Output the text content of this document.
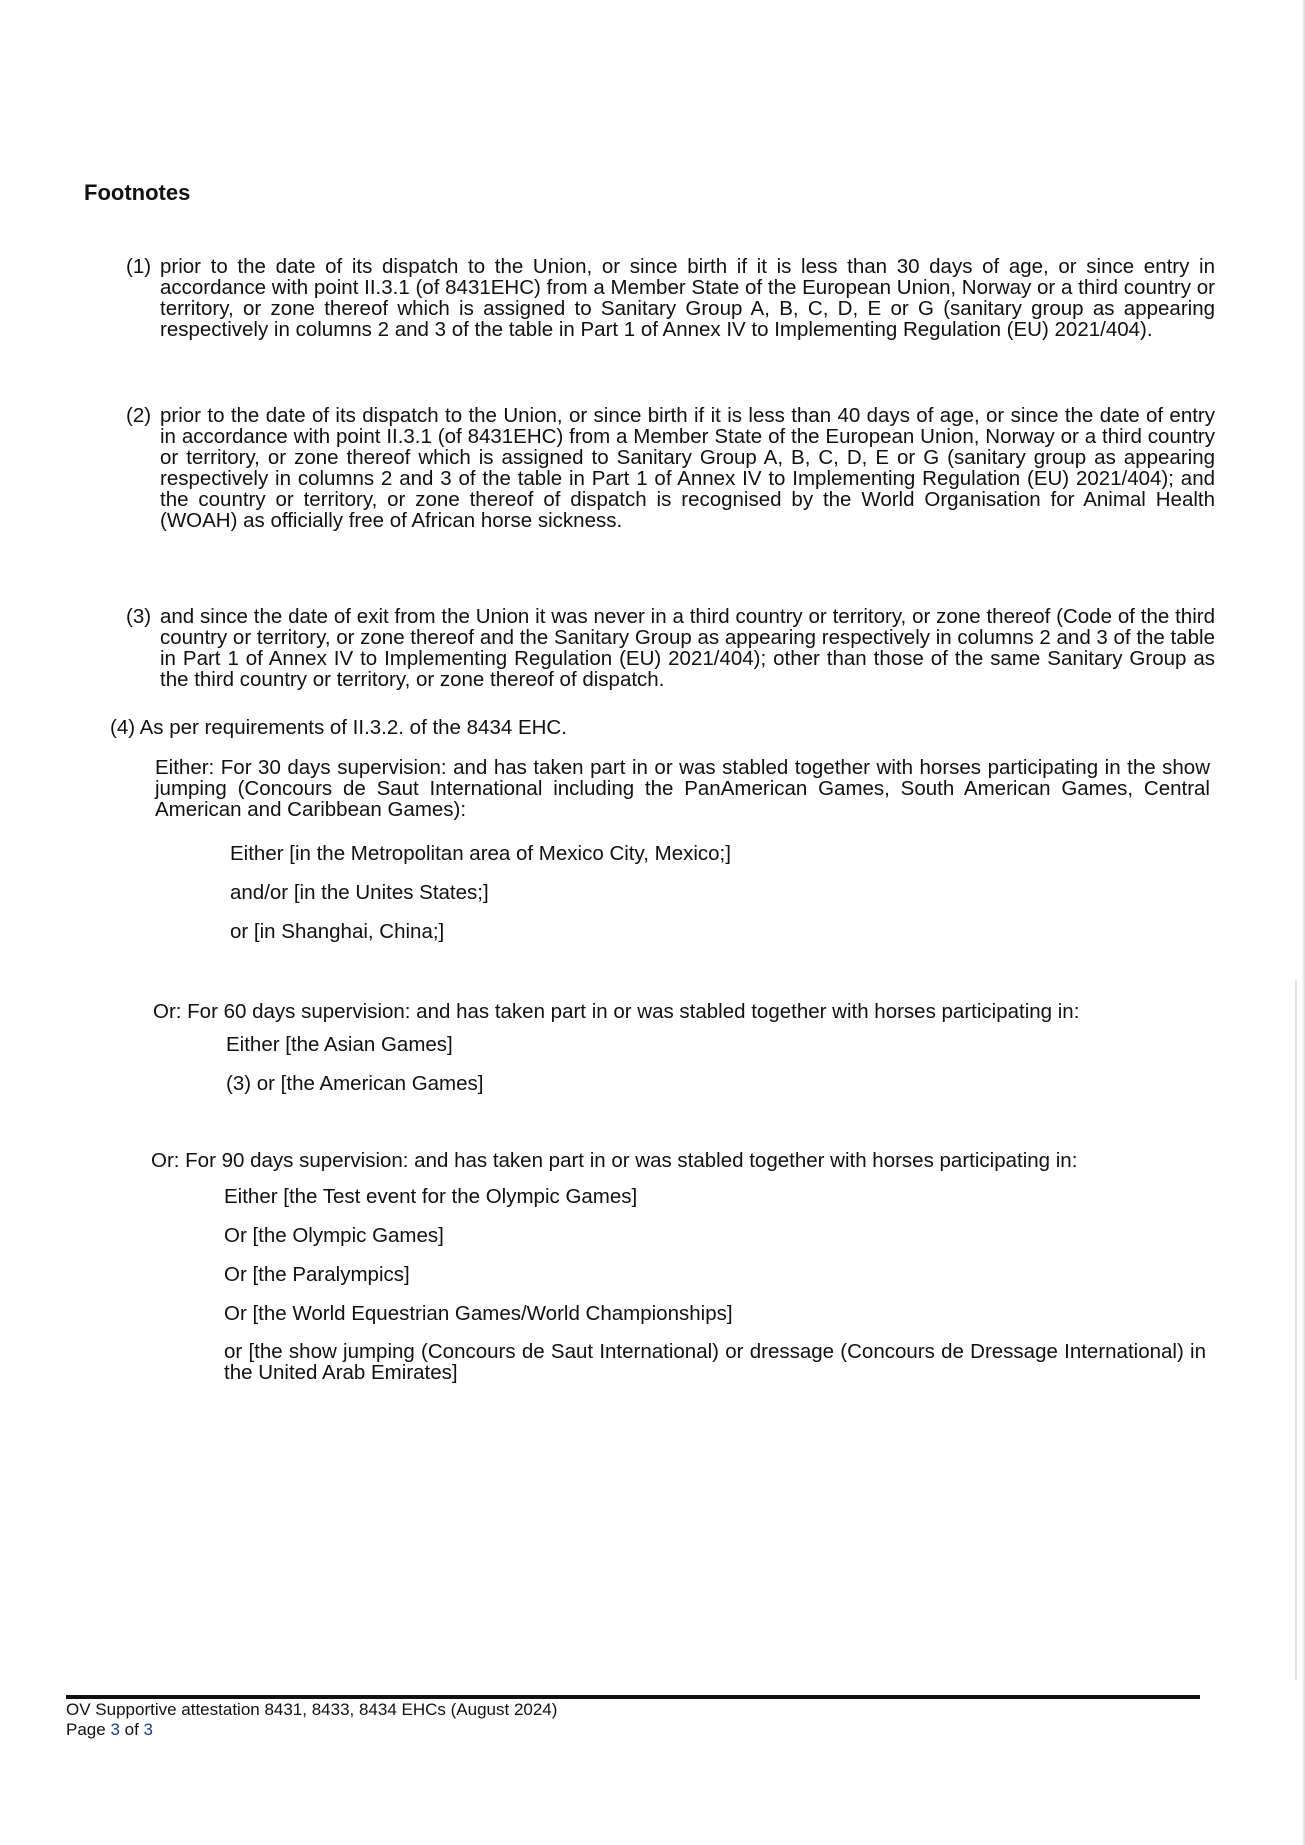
Footnotes
(1) prior to the date of its dispatch to the Union, or since birth if it is less than 30 days of age, or since entry in accordance with point II.3.1 (of 8431EHC) from a Member State of the European Union, Norway or a third country or territory, or zone thereof which is assigned to Sanitary Group A, B, C, D, E or G (sanitary group as appearing respectively in columns 2 and 3 of the table in Part 1 of Annex IV to Implementing Regulation (EU) 2021/404).
(2) prior to the date of its dispatch to the Union, or since birth if it is less than 40 days of age, or since the date of entry in accordance with point II.3.1 (of 8431EHC) from a Member State of the European Union, Norway or a third country or territory, or zone thereof which is assigned to Sanitary Group A, B, C, D, E or G (sanitary group as appearing respectively in columns 2 and 3 of the table in Part 1 of Annex IV to Implementing Regulation (EU) 2021/404); and the country or territory, or zone thereof of dispatch is recognised by the World Organisation for Animal Health (WOAH) as officially free of African horse sickness.
(3) and since the date of exit from the Union it was never in a third country or territory, or zone thereof (Code of the third country or territory, or zone thereof and the Sanitary Group as appearing respectively in columns 2 and 3 of the table in Part 1 of Annex IV to Implementing Regulation (EU) 2021/404); other than those of the same Sanitary Group as the third country or territory, or zone thereof of dispatch.

(4) As per requirements of II.3.2. of the 8434 EHC.

Either: For 30 days supervision: and has taken part in or was stabled together with horses participating in the show jumping (Concours de Saut International including the PanAmerican Games, South American Games, Central American and Caribbean Games):

Either [in the Metropolitan area of Mexico City, Mexico;]

and/or [in the Unites States;]

or [in Shanghai, China;]

Or: For 60 days supervision: and has taken part in or was stabled together with horses participating in:

Either [the Asian Games]

(3) or [the American Games]

Or: For 90 days supervision: and has taken part in or was stabled together with horses participating in:

Either [the Test event for the Olympic Games]

Or [the Olympic Games]

Or [the Paralympics]

Or [the World Equestrian Games/World Championships]

or [the show jumping (Concours de Saut International) or dressage (Concours de Dressage International) in the United Arab Emirates]

OV Supportive attestation 8431, 8433, 8434 EHCs (August 2024)

Page 3 of 3
